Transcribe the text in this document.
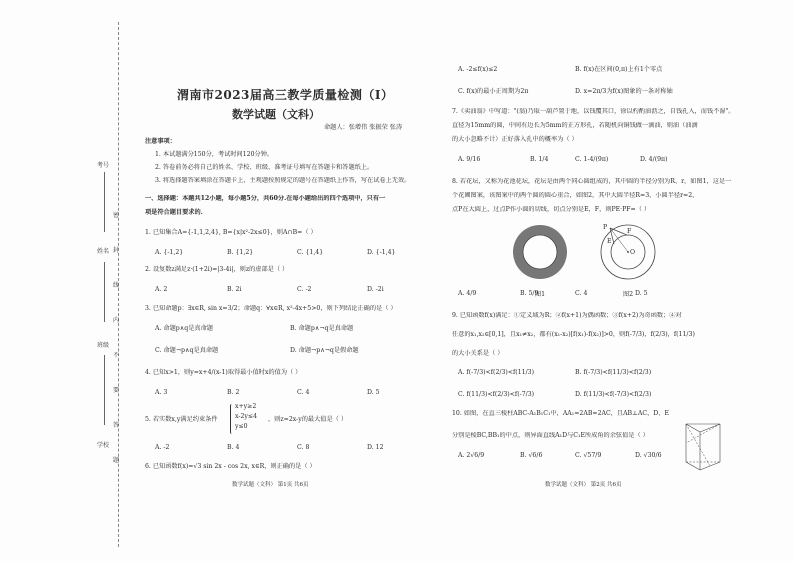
考号
姓名
班级
学校
密
封
线
内
不
要
答
题
渭南市2023届高三教学质量检测（Ⅰ）
数学试题（文科）
命题人：张增伟 张振荣 张涛
注意事项：
1. 本试题满分150分，考试时间120分钟。
2. 答卷前务必将自己的姓名、学校、班级、准考证号填写在答题卡和答题纸上。
3. 将选择题答案填涂在答题卡上，主观题按照规定的题号在答题纸上作答，写在试卷上无效。
一、选择题：本题共12小题，每小题5分，共60分.在每小题给出的四个选项中，只有一
项是符合题目要求的.
1. 已知集合A={-1,1,2,4}, B={x|x²-2x≤0}，则A∩B=（ ）
A. {-1,2}	B. {1,2}	C. {1,4}	D. {-1,4}
2. 设复数z满足z·(1+2i)=|3-4i|，则z的虚部是（ ）
A. 2	B. 2i	C. -2	D. -2i
3. 已知命题p：∃x∈R, sin x=3/2；命题q：∀x∈R, x²-4x+5>0，则下列结论正确的是（ ）
A. 命题p∧q是真命题	B. 命题p∧¬q是真命题
C. 命题¬p∧q是真命题	D. 命题¬p∧¬q是假命题
4. 已知x>1，则y=x+4/(x-1)取得最小值时x的值为（ ）
A. 3	B. 2	C. 4	D. 5
5. 若实数x,y满足约束条件
x+y≥2
x-2y≤4
y≤0
，则z=2x-y的最大值是（ ）
A. -2	B. 4	C. 8	D. 12
6. 已知函数f(x)=√3 sin 2x - cos 2x, x∈R，则正确的是（ ）
数学试题（文科） 第1页 共6页
A. -2≤f(x)≤2	B. f(x)在区间(0,π)上有1个零点
C. f(x)的最小正周期为2π	D. x=2π/3为f(x)图象的一条对称轴
7.《卖油翁》中写道："(翁)乃取一葫芦置于地，以钱覆其口，徐以杓酌油沥之，自钱孔入，而钱不湿"。
直径为15mm的圆，中间有边长为5mm的正方形孔，若随机向铜钱做一滴油，则油（油滴
的大小忽略不计）正好落入孔中的概率为（ ）
A. 9/16	B. 1/4	C. 1-4/(9π)	D. 4/(9π)
8. 若花坛，又称为花池花坛，花坛是由两个同心圆组成的，其中圆的半径分别为R、r，如图1，这是一
个花圃图案，该图案中的两个圆的圆心重合，如图2，其中大圆半径R=3，小圆半径r=2，
点P在大圆上，过点P作小圆的切线，切点分别是E，F，则PE·PF=（ ）
P
E
F
O
图1	图2
A. 4/9	B. 5/9	C. 4	D. 5
9. 已知函数f(x)满足：①定义域为R；②f(x+1)为偶函数；③f(x+2)为奇函数；④对
任意的x₁,x₂∈[0,1]，且x₁≠x₂，都有(x₁-x₂)[f(x₁)-f(x₂)]>0，则f(-7/3)，f(2/3)，f(11/3)
的大小关系是（ ）
A. f(-7/3)<f(2/3)<f(11/3)	B. f(-7/3)<f(11/3)<f(2/3)
C. f(11/3)<f(2/3)<f(-7/3)	D. f(11/3)<f(-7/3)<f(2/3)
10. 如图，在直三棱柱ABC-A₁B₁C₁中，AA₁=2AB=2AC，且AB⊥AC，D、E
分别是棱BC,BB₁的中点，则异面直线A₁D与C₁E所成角的余弦值是（ ）
A. 2√6/9	B. √6/6	C. √57/9	D. √30/6
数学试题（文科） 第2页 共6页
